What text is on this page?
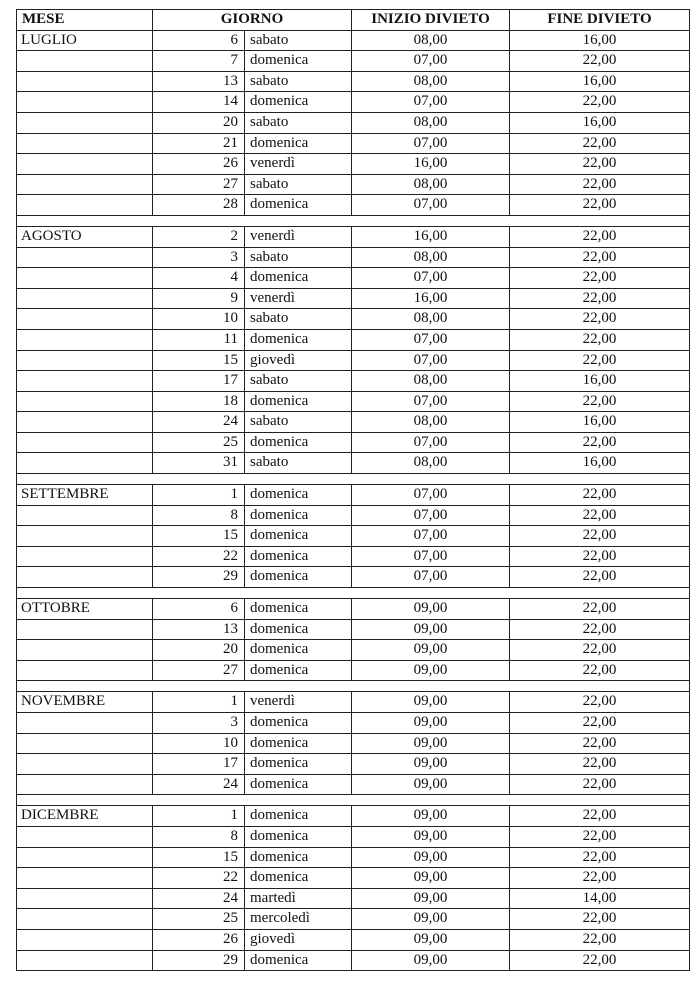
MESE	GIORNO		INIZIO DIVIETO	FINE DIVIETO
LUGLIO	6	sabato	08,00	16,00
	7	domenica	07,00	22,00
	13	sabato	08,00	16,00
	14	domenica	07,00	22,00
	20	sabato	08,00	16,00
	21	domenica	07,00	22,00
	26	venerdì	16,00	22,00
	27	sabato	08,00	22,00
	28	domenica	07,00	22,00

AGOSTO	2	venerdì	16,00	22,00
	3	sabato	08,00	22,00
	4	domenica	07,00	22,00
	9	venerdì	16,00	22,00
	10	sabato	08,00	22,00
	11	domenica	07,00	22,00
	15	giovedì	07,00	22,00
	17	sabato	08,00	16,00
	18	domenica	07,00	22,00
	24	sabato	08,00	16,00
	25	domenica	07,00	22,00
	31	sabato	08,00	16,00

SETTEMBRE	1	domenica	07,00	22,00
	8	domenica	07,00	22,00
	15	domenica	07,00	22,00
	22	domenica	07,00	22,00
	29	domenica	07,00	22,00

OTTOBRE	6	domenica	09,00	22,00
	13	domenica	09,00	22,00
	20	domenica	09,00	22,00
	27	domenica	09,00	22,00

NOVEMBRE	1	venerdì	09,00	22,00
	3	domenica	09,00	22,00
	10	domenica	09,00	22,00
	17	domenica	09,00	22,00
	24	domenica	09,00	22,00

DICEMBRE	1	domenica	09,00	22,00
	8	domenica	09,00	22,00
	15	domenica	09,00	22,00
	22	domenica	09,00	22,00
	24	martedì	09,00	14,00
	25	mercoledì	09,00	22,00
	26	giovedì	09,00	22,00
	29	domenica	09,00	22,00
